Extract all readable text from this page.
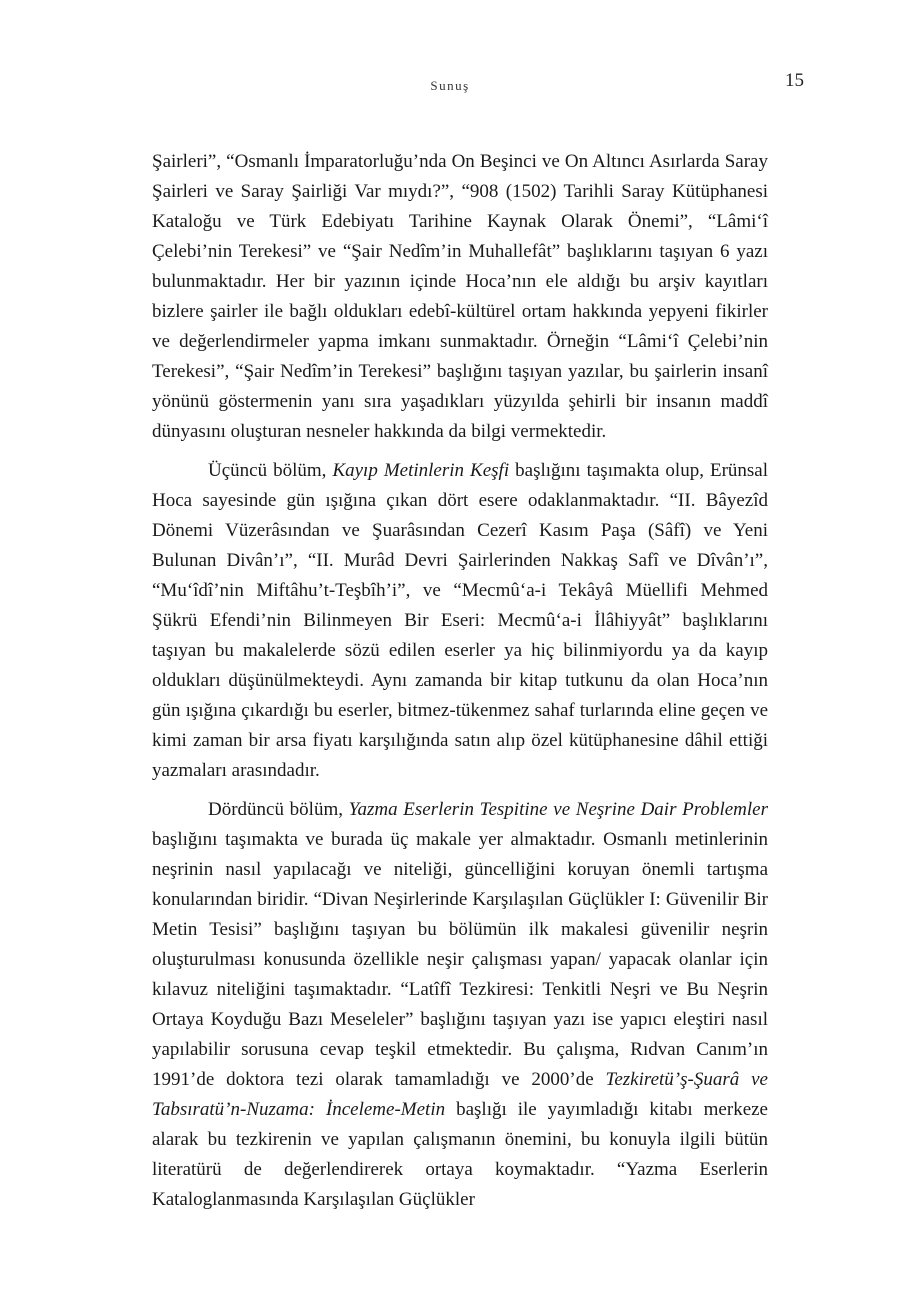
Sunuş	15

Şairleri”, “Osmanlı İmparatorluğu’nda On Beşinci ve On Altıncı Asırlarda Saray Şairleri ve Saray Şairliği Var mıydı?”, “908 (1502) Tarihli Saray Kütüphanesi Kataloğu ve Türk Edebiyatı Tarihine Kaynak Olarak Önemi”, “Lâmi‘î Çelebi’nin Terekesi” ve “Şair Nedîm’in Muhallefât” başlıklarını taşıyan 6 yazı bulunmaktadır. Her bir yazının içinde Hoca’nın ele aldığı bu arşiv kayıtları bizlere şairler ile bağlı oldukları edebî-kültürel ortam hakkında yepyeni fikirler ve değerlendirmeler yapma imkanı sunmaktadır. Örneğin “Lâmi‘î Çelebi’nin Terekesi”, “Şair Nedîm’in Terekesi” başlığını taşıyan yazılar, bu şairlerin insanî yönünü göstermenin yanı sıra yaşadıkları yüzyılda şehirli bir insanın maddî dünyasını oluşturan nesneler hakkında da bilgi vermektedir.

Üçüncü bölüm, Kayıp Metinlerin Keşfi başlığını taşımakta olup, Erünsal Hoca sayesinde gün ışığına çıkan dört esere odaklanmaktadır. “II. Bâyezîd Dönemi Vüzerâsından ve Şuarâsından Cezerî Kasım Paşa (Sâfî) ve Yeni Bulunan Divân’ı”, “II. Murâd Devri Şairlerinden Nakkaş Safî ve Dîvân’ı”, “Mu‘îdî’nin Miftâhu’t-Teşbîh’i”, ve “Mecmû‘a-i Tekâyâ Müellifi Mehmed Şükrü Efendi’nin Bilinmeyen Bir Eseri: Mecmû‘a-i İlâhiyyât” başlıklarını taşıyan bu makalelerde sözü edilen eserler ya hiç bilinmiyordu ya da kayıp oldukları düşünülmekteydi. Aynı zamanda bir kitap tutkunu da olan Hoca’nın gün ışığına çıkardığı bu eserler, bitmez-tükenmez sahaf turlarında eline geçen ve kimi zaman bir arsa fiyatı karşılığında satın alıp özel kütüphanesine dâhil ettiği yazmaları arasındadır.

Dördüncü bölüm, Yazma Eserlerin Tespitine ve Neşrine Dair Problemler başlığını taşımakta ve burada üç makale yer almaktadır. Osmanlı metinlerinin neşrinin nasıl yapılacağı ve niteliği, güncelliğini koruyan önemli tartışma konularından biridir. “Divan Neşirlerinde Karşılaşılan Güçlükler I: Güvenilir Bir Metin Tesisi” başlığını taşıyan bu bölümün ilk makalesi güvenilir neşrin oluşturulması konusunda özellikle neşir çalışması yapan/ yapacak olanlar için kılavuz niteliğini taşımaktadır. “Latîfî Tezkiresi: Tenkitli Neşri ve Bu Neşrin Ortaya Koyduğu Bazı Meseleler” başlığını taşıyan yazı ise yapıcı eleştiri nasıl yapılabilir sorusuna cevap teşkil etmektedir. Bu çalışma, Rıdvan Canım’ın 1991’de doktora tezi olarak tamamladığı ve 2000’de Tezkiretü’ş-Şuarâ ve Tabsıratü’n-Nuzama: İnceleme-Metin başlığı ile yayımladığı kitabı merkeze alarak bu tezkirenin ve yapılan çalışmanın önemini, bu konuyla ilgili bütün literatürü de değerlendirerek ortaya koymaktadır. “Yazma Eserlerin Kataloglanmasında Karşılaşılan Güçlükler
